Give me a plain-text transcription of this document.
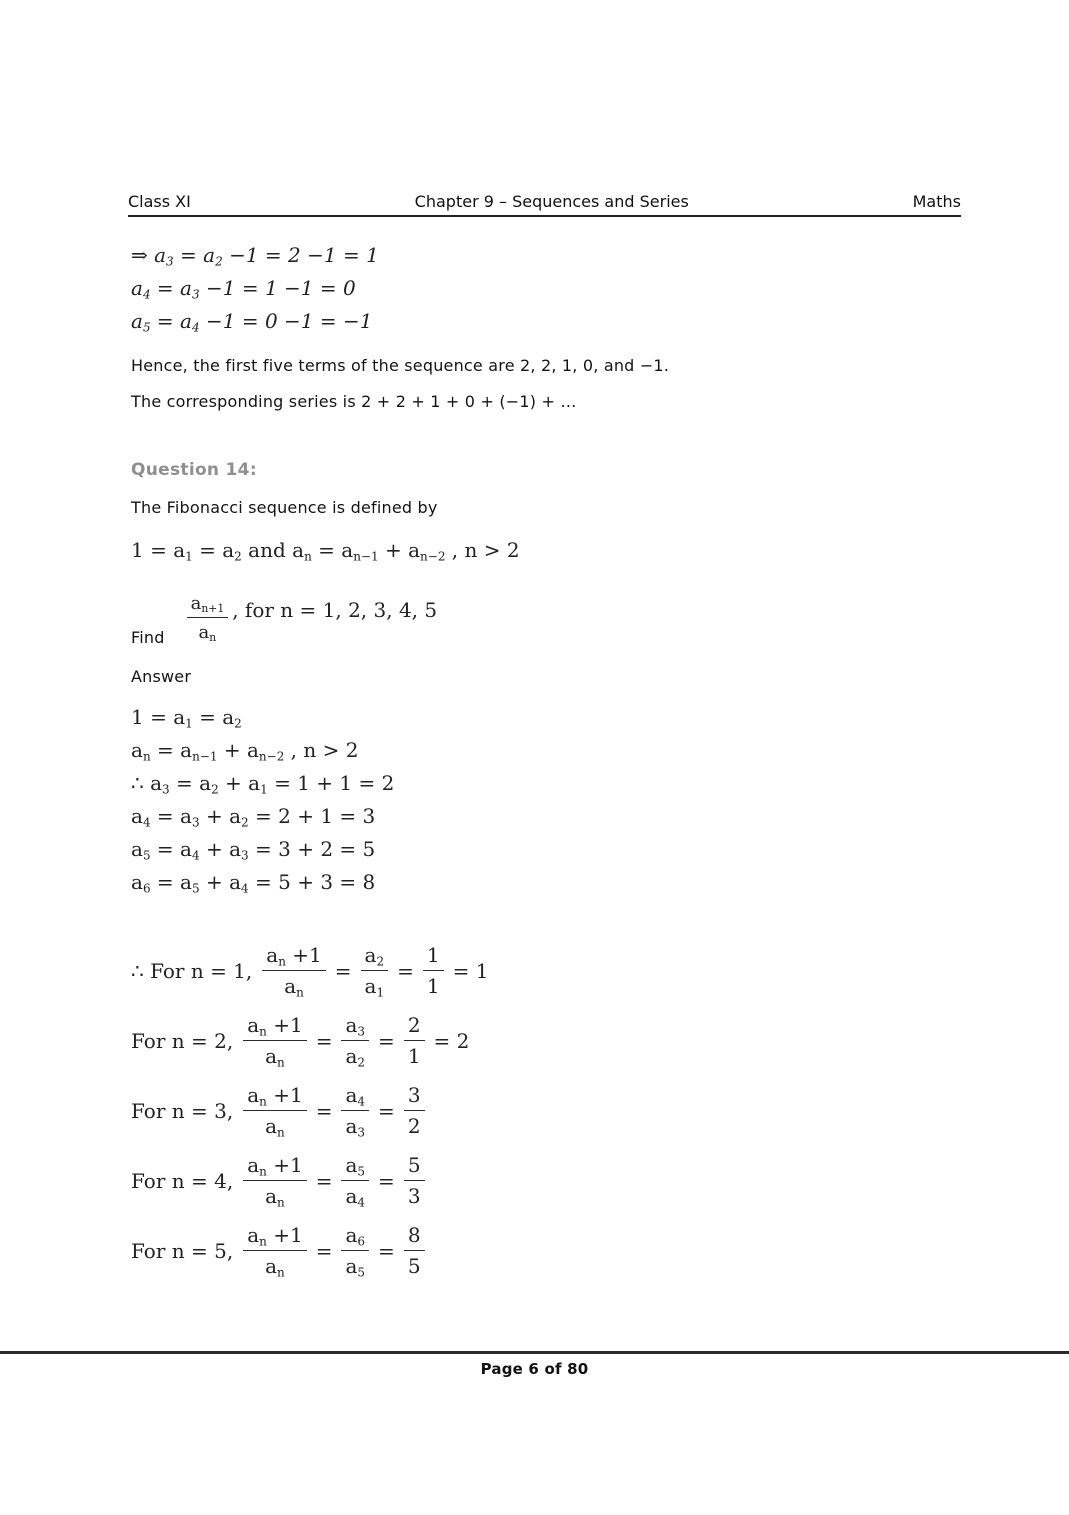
Class XI	Chapter 9 – Sequences and Series	Maths
⇒ $a_3 = a_2 -1 = 2 -1 = 1$
$a_4 = a_3 -1 = 1 -1 = 0$
$a_5 = a_4 -1 = 0 -1 = -1$

Hence, the first five terms of the sequence are 2, 2, 1, 0, and −1.

The corresponding series is 2 + 2 + 1 + 0 + (−1) + …

Question 14:

The Fibonacci sequence is defined by

$1 = a_1 = a_2$ and $a_n = a_{n-1} + a_{n-2}$ , n > 2
Find $\frac{a_{n+1}}{a_n}$ , for n = 1, 2, 3, 4, 5

Answer

$1 = a_1 = a_2$
$a_n = a_{n-1} + a_{n-2}$ , n > 2
∴ $a_3 = a_2 + a_1 = 1 + 1 = 2$
$a_4 = a_3 + a_2 = 2 + 1 = 3$
$a_5 = a_4 + a_3 = 3 + 2 = 5$
$a_6 = a_5 + a_4 = 5 + 3 = 8$
∴ For n = 1, $\frac{a_n +1}{a_n} = \frac{a_2}{a_1} = \frac{1}{1} = 1$
For n = 2, $\frac{a_n +1}{a_n} = \frac{a_3}{a_2} = \frac{2}{1} = 2$
For n = 3, $\frac{a_n +1}{a_n} = \frac{a_4}{a_3} = \frac{3}{2}$
For n = 4, $\frac{a_n +1}{a_n} = \frac{a_5}{a_4} = \frac{5}{3}$
For n = 5, $\frac{a_n +1}{a_n} = \frac{a_6}{a_5} = \frac{8}{5}$
Page 6 of 80
